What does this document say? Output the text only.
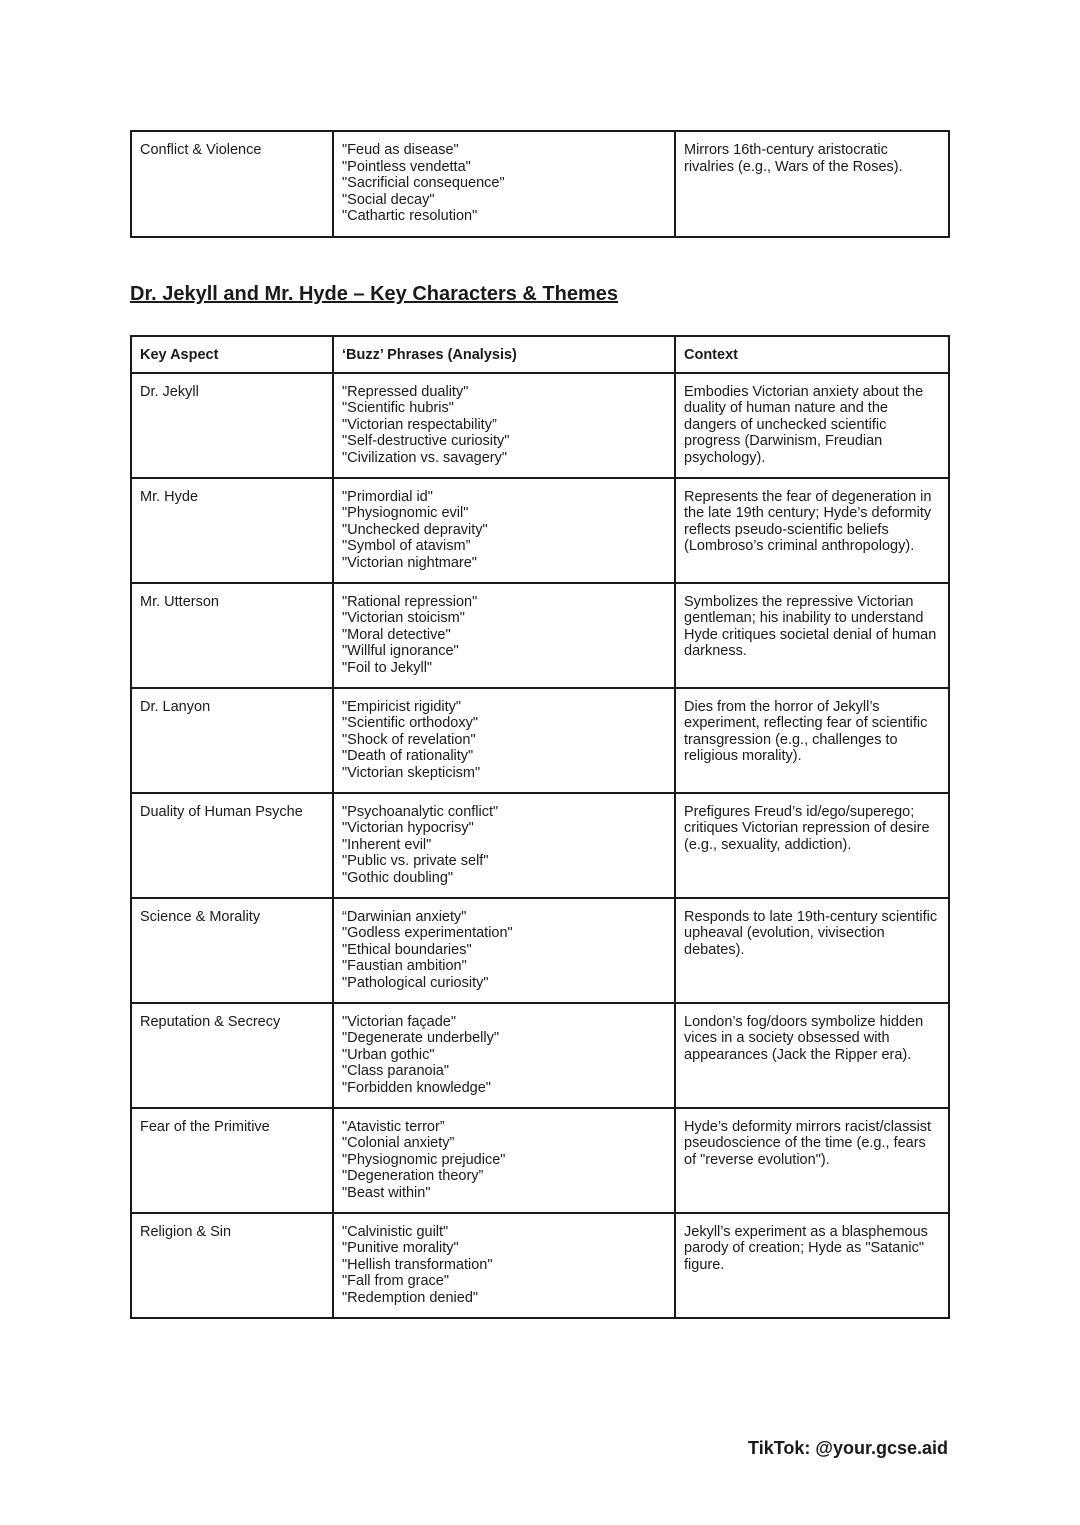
Conflict & Violence	"Feud as disease"
"Pointless vendetta"
"Sacrificial consequence"
"Social decay"
"Cathartic resolution"
	Mirrors 16th-century aristocratic rivalries (e.g., Wars of the Roses).
Dr. Jekyll and Mr. Hyde – Key Characters & Themes
Key Aspect	‘Buzz’ Phrases (Analysis)	Context
Dr. Jekyll	"Repressed duality"
"Scientific hubris"
"Victorian respectability”
"Self-destructive curiosity"
"Civilization vs. savagery"	Embodies Victorian anxiety about the duality of human nature and the dangers of unchecked scientific progress (Darwinism, Freudian psychology).
Mr. Hyde	"Primordial id"
"Physiognomic evil"
"Unchecked depravity"
"Symbol of atavism”
"Victorian nightmare"	Represents the fear of degeneration in the late 19th century; Hyde’s deformity reflects pseudo-scientific beliefs (Lombroso’s criminal anthropology).
Mr. Utterson	"Rational repression"
"Victorian stoicism"
"Moral detective"
"Willful ignorance"
"Foil to Jekyll"	Symbolizes the repressive Victorian gentleman; his inability to understand Hyde critiques societal denial of human darkness.
Dr. Lanyon	"Empiricist rigidity"
"Scientific orthodoxy"
"Shock of revelation"
"Death of rationality"
"Victorian skepticism"	Dies from the horror of Jekyll’s experiment, reflecting fear of scientific transgression (e.g., challenges to religious morality).
Duality of Human Psyche	"Psychoanalytic conflict"
"Victorian hypocrisy"
"Inherent evil"
"Public vs. private self"
"Gothic doubling"	Prefigures Freud’s id/ego/superego; critiques Victorian repression of desire (e.g., sexuality, addiction).
Science & Morality	“Darwinian anxiety"
"Godless experimentation"
"Ethical boundaries"
"Faustian ambition"
"Pathological curiosity"	Responds to late 19th-century scientific upheaval (evolution, vivisection debates).
Reputation & Secrecy	"Victorian façade"
"Degenerate underbelly"
"Urban gothic"
"Class paranoia"
"Forbidden knowledge"	London’s fog/doors symbolize hidden vices in a society obsessed with appearances (Jack the Ripper era).
Fear of the Primitive	"Atavistic terror”
"Colonial anxiety”
"Physiognomic prejudice"
"Degeneration theory”
"Beast within"	Hyde’s deformity mirrors racist/classist pseudoscience of the time (e.g., fears of "reverse evolution").
Religion & Sin	"Calvinistic guilt"
"Punitive morality"
"Hellish transformation"
"Fall from grace"
"Redemption denied"	Jekyll’s experiment as a blasphemous parody of creation; Hyde as "Satanic" figure.
TikTok: @your.gcse.aid
